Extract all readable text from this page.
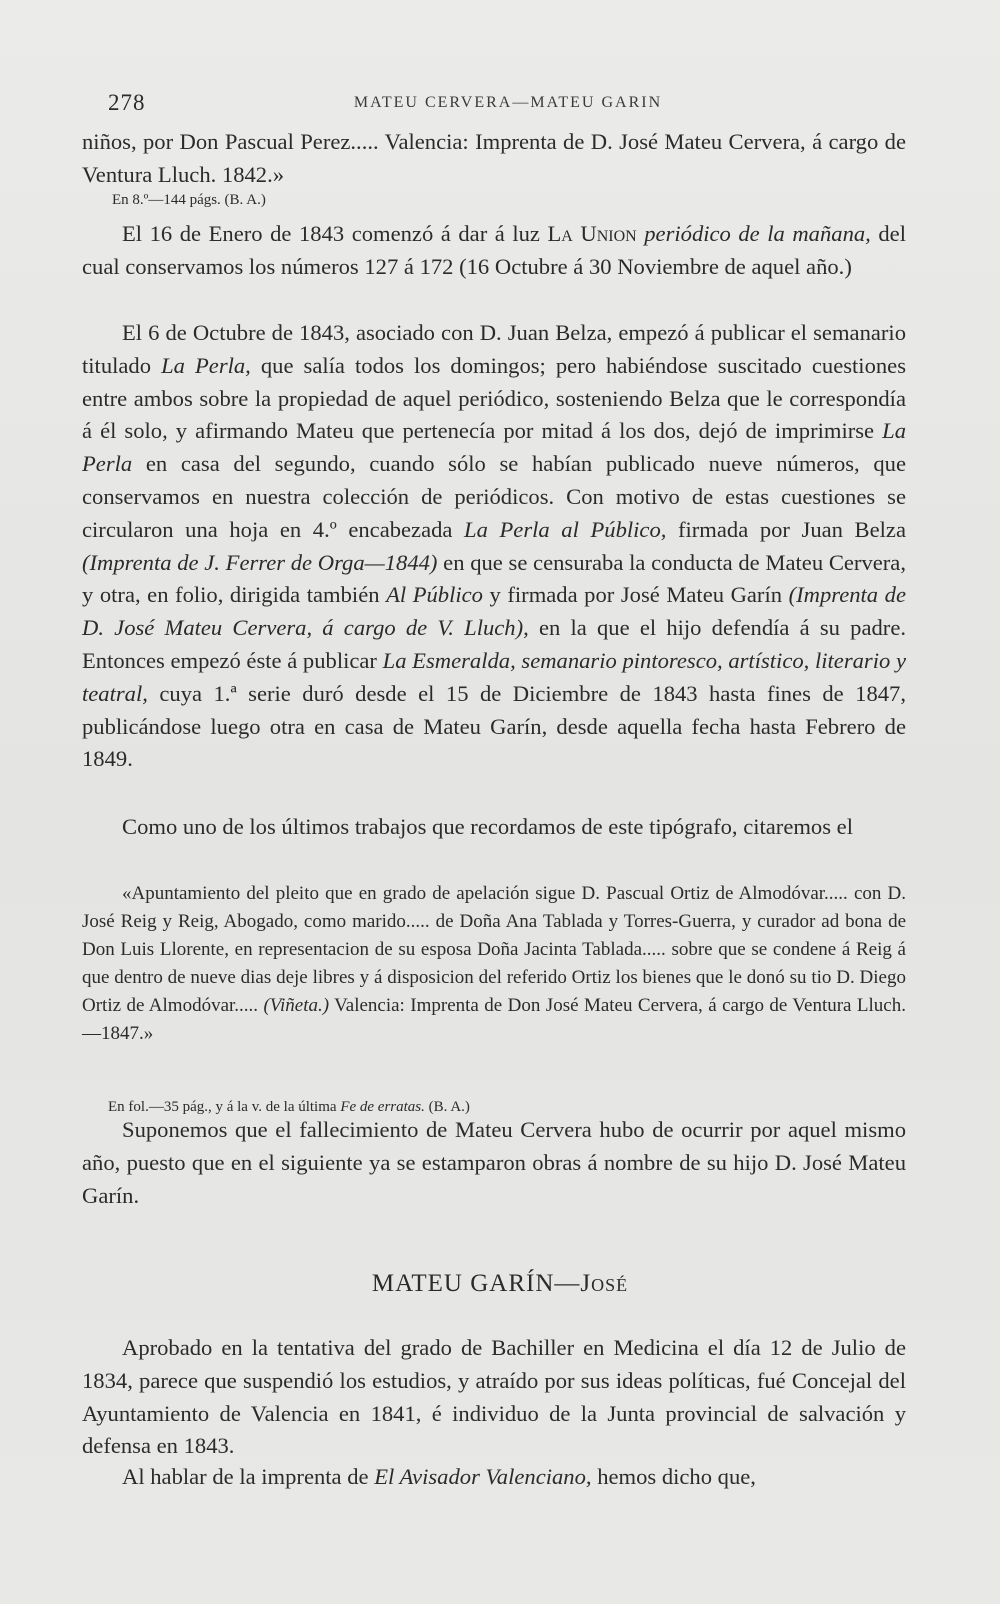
278	MATEU CERVERA—MATEU GARIN

niños, por Don Pascual Perez..... Valencia: Imprenta de D. José Mateu Cervera, á cargo de Ventura Lluch. 1842.»

En 8.º—144 págs. (B. A.)

El 16 de Enero de 1843 comenzó á dar á luz La Union periódico de la mañana, del cual conservamos los números 127 á 172 (16 Octubre á 30 Noviembre de aquel año.)

El 6 de Octubre de 1843, asociado con D. Juan Belza, empezó á publicar el semanario titulado La Perla, que salía todos los domingos; pero habiéndose suscitado cuestiones entre ambos sobre la propiedad de aquel periódico, sosteniendo Belza que le correspondía á él solo, y afirmando Mateu que pertenecía por mitad á los dos, dejó de imprimirse La Perla en casa del segundo, cuando sólo se habían publicado nueve números, que conservamos en nuestra colección de periódicos. Con motivo de estas cuestiones se circularon una hoja en 4.º encabezada La Perla al Público, firmada por Juan Belza (Imprenta de J. Ferrer de Orga—1844) en que se censuraba la conducta de Mateu Cervera, y otra, en folio, dirigida también Al Público y firmada por José Mateu Garín (Imprenta de D. José Mateu Cervera, á cargo de V. Lluch), en la que el hijo defendía á su padre. Entonces empezó éste á publicar La Esmeralda, semanario pintoresco, artístico, literario y teatral, cuya 1.ª serie duró desde el 15 de Diciembre de 1843 hasta fines de 1847, publicándose luego otra en casa de Mateu Garín, desde aquella fecha hasta Febrero de 1849.

Como uno de los últimos trabajos que recordamos de este tipógrafo, citaremos el

«Apuntamiento del pleito que en grado de apelación sigue D. Pascual Ortiz de Almodóvar..... con D. José Reig y Reig, Abogado, como marido..... de Doña Ana Tablada y Torres-Guerra, y curador ad bona de Don Luis Llorente, en representacion de su esposa Doña Jacinta Tablada..... sobre que se condene á Reig á que dentro de nueve dias deje libres y á disposicion del referido Ortiz los bienes que le donó su tio D. Diego Ortiz de Almodóvar..... (Viñeta.) Valencia: Imprenta de Don José Mateu Cervera, á cargo de Ventura Lluch.—1847.»

En fol.—35 pág., y á la v. de la última Fe de erratas. (B. A.)

Suponemos que el fallecimiento de Mateu Cervera hubo de ocurrir por aquel mismo año, puesto que en el siguiente ya se estamparon obras á nombre de su hijo D. José Mateu Garín.

MATEU GARÍN—José

Aprobado en la tentativa del grado de Bachiller en Medicina el día 12 de Julio de 1834, parece que suspendió los estudios, y atraído por sus ideas políticas, fué Concejal del Ayuntamiento de Valencia en 1841, é individuo de la Junta provincial de salvación y defensa en 1843.

Al hablar de la imprenta de El Avisador Valenciano, hemos dicho que,
